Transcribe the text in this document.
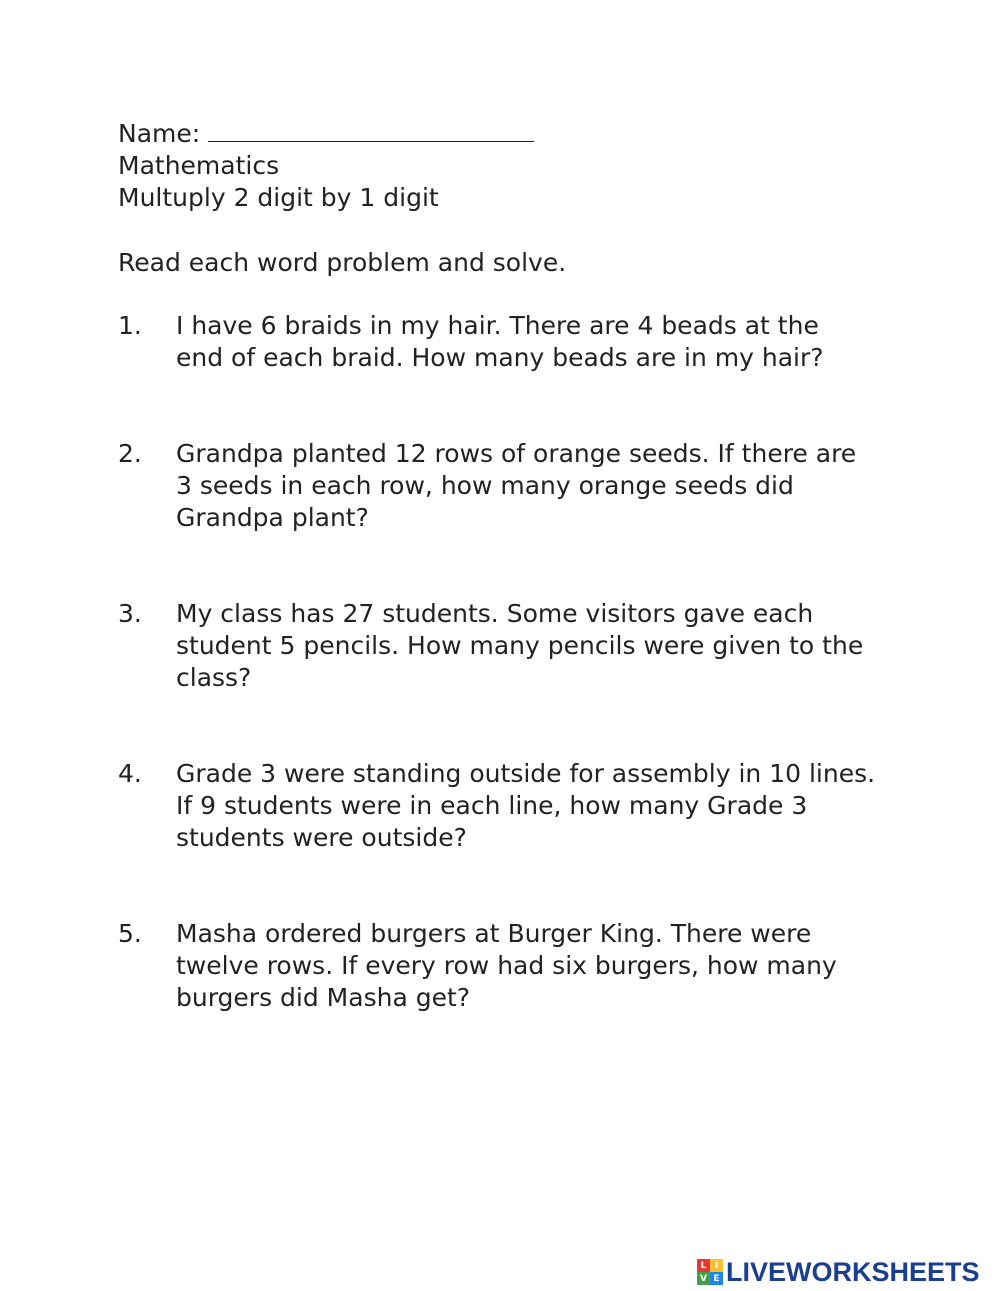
Name:
Mathematics
Multuply 2 digit by 1 digit
Read each word problem and solve.
1.	I have 6 braids in my hair. There are 4 beads at the
end of each braid. How many beads are in my hair?
2.	Grandpa planted 12 rows of orange seeds. If there are
3 seeds in each row, how many orange seeds did
Grandpa plant?
3.	My class has 27 students. Some visitors gave each
student 5 pencils. How many pencils were given to the
class?
4.	Grade 3 were standing outside for assembly in 10 lines.
If 9 students were in each line, how many Grade 3
students were outside?
5.	Masha ordered burgers at Burger King. There were
twelve rows. If every row had six burgers, how many
burgers did Masha get?
L I
V E LIVEWORKSHEETS
